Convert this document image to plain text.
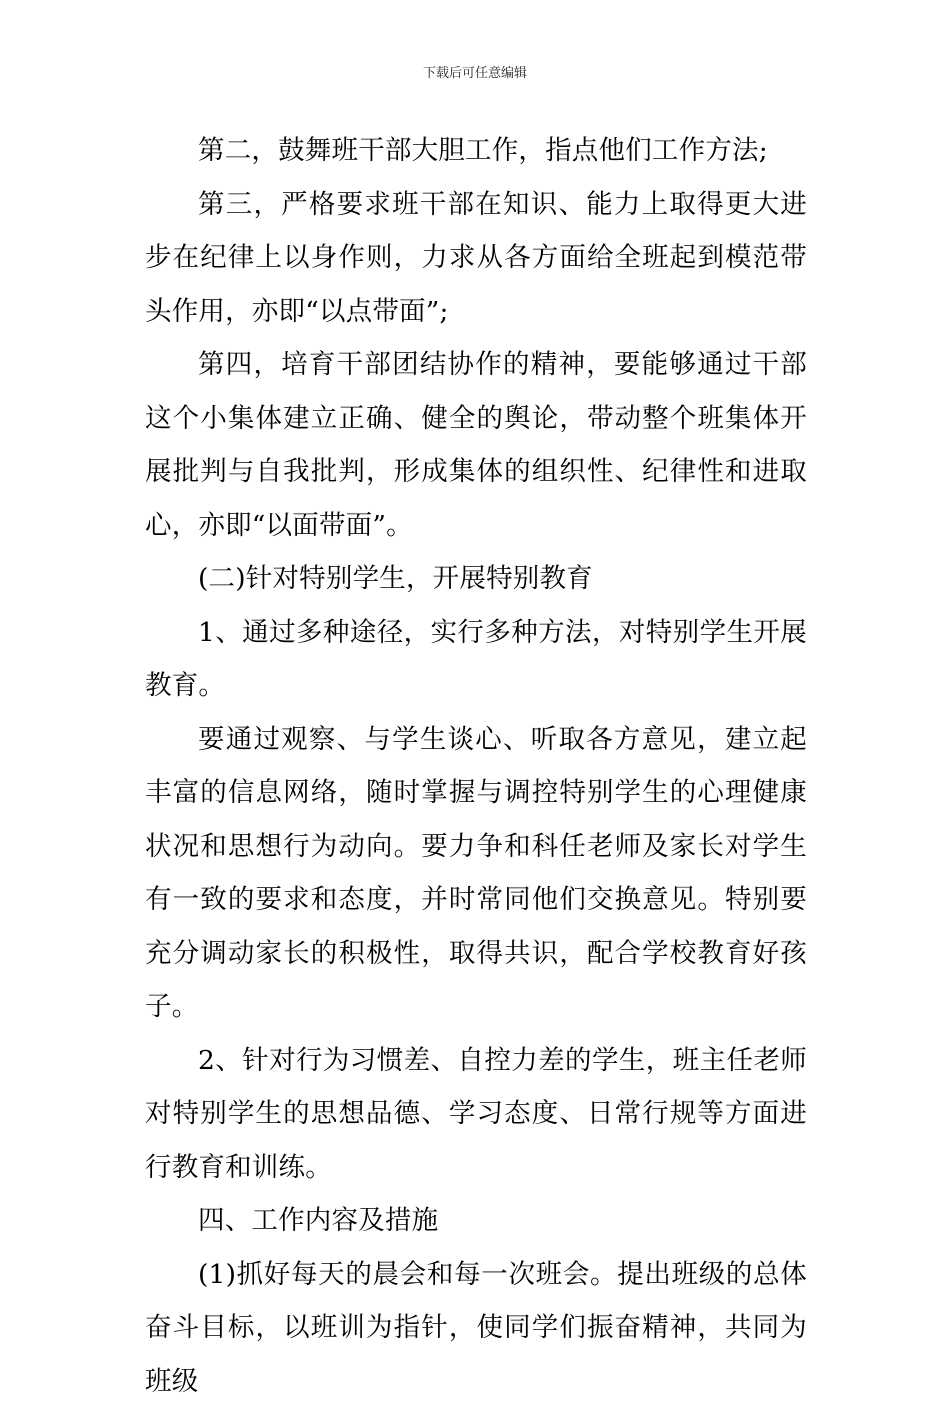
下载后可任意编辑

第二，鼓舞班干部大胆工作，指点他们工作方法;

第三，严格要求班干部在知识、能力上取得更大进步在纪律上以身作则，力求从各方面给全班起到模范带头作用，亦即“以点带面”;

第四，培育干部团结协作的精神，要能够通过干部这个小集体建立正确、健全的舆论，带动整个班集体开展批判与自我批判，形成集体的组织性、纪律性和进取心，亦即“以面带面”。

(二)针对特别学生，开展特别教育

1、通过多种途径，实行多种方法，对特别学生开展教育。

要通过观察、与学生谈心、听取各方意见，建立起丰富的信息网络，随时掌握与调控特别学生的心理健康状况和思想行为动向。要力争和科任老师及家长对学生有一致的要求和态度，并时常同他们交换意见。特别要充分调动家长的积极性，取得共识，配合学校教育好孩子。

2、针对行为习惯差、自控力差的学生，班主任老师对特别学生的思想品德、学习态度、日常行规等方面进行教育和训练。

四、工作内容及措施

(1)抓好每天的晨会和每一次班会。提出班级的总体奋斗目标，以班训为指针，使同学们振奋精神，共同为班级
